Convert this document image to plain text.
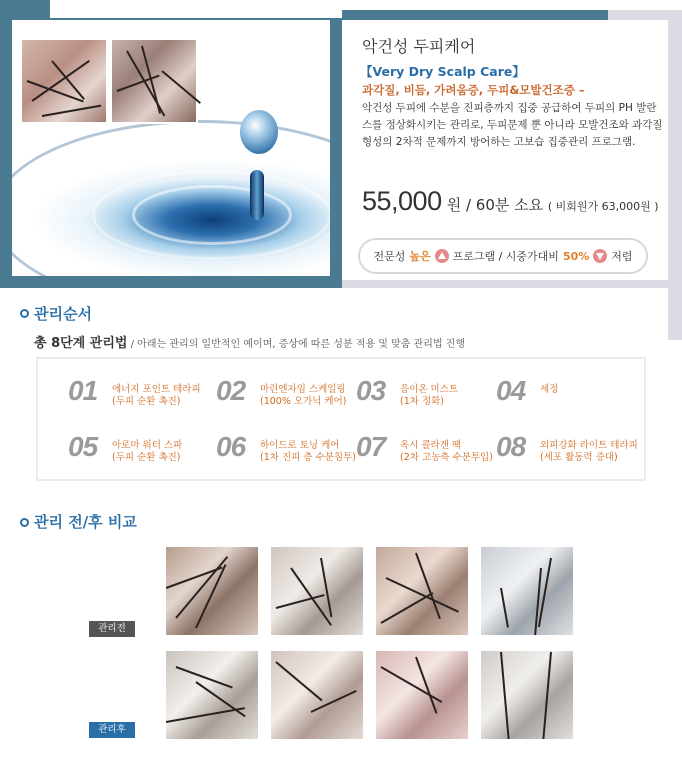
악건성 두피케어
【Very Dry Scalp Care】
과각질, 비듬, 가려움증, 두피&모발건조증 –
악건성 두피에 수분을 진피층까지 집중 공급하여 두피의 PH 발란스를 정상화시키는 관리로, 두피문제 뿐 아니라 모발건조와 과각질 형성의 2차적 문제까지 방어하는 고보습 집중관리 프로그램.
55,000 원 / 60분 소요 ( 비회원가 63,000원 )
전문성 높은 프로그램 / 시중가대비 50% 저렴
관리순서
총 8단계 관리법 / 아래는 관리의 일반적인 예이며, 증상에 따른 성분 적용 및 맞춤 관리법 진행
01 에너지 포인트 테라피
(두피 순환 촉진) 02 마린엔자임 스케일링
(100% 오가닉 케어) 03 음이온 미스트
(1차 정화) 04 세정
05 아로마 워터 스파
(두피 순환 촉진) 06 하이드로 토닝 케어
(1차 진피 층 수분침투) 07 옥시 콜라겐 팩
(2차 고농축 수분투입) 08 외피강화 라이트 테라피
(세포 활동력 증대)
관리 전/후 비교
관리전
관리후
